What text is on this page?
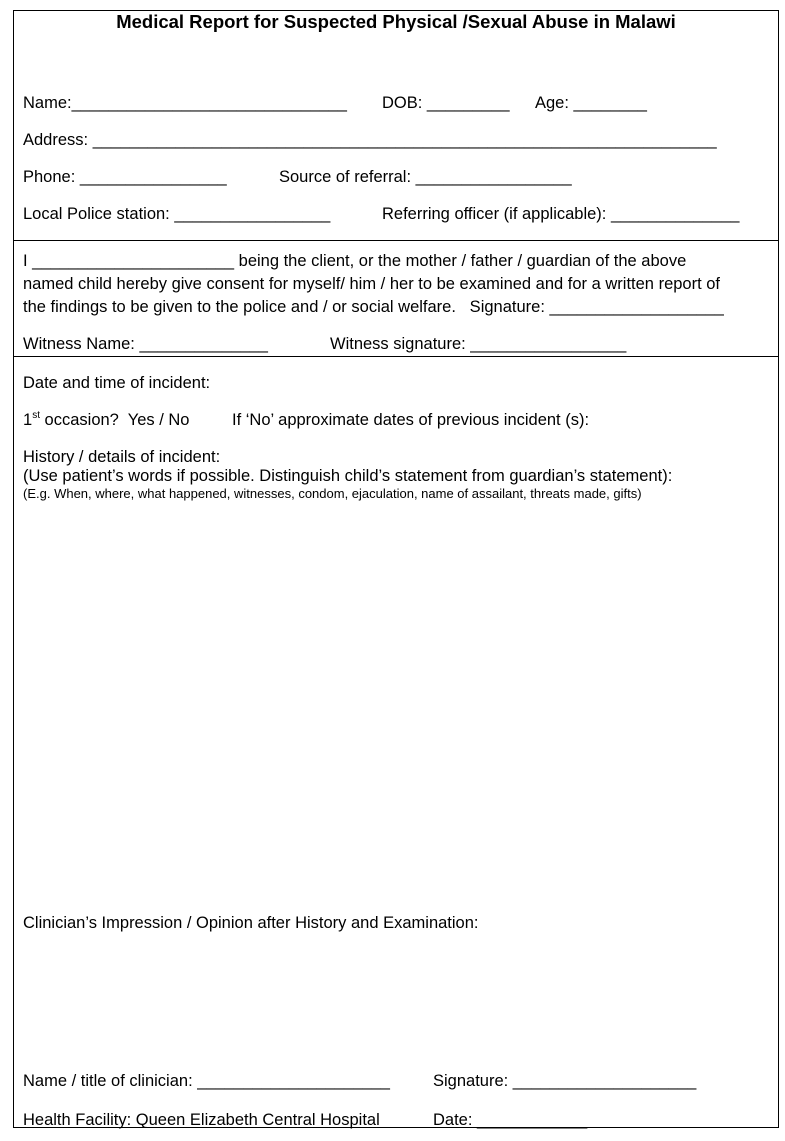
Medical Report for Suspected Physical /Sexual Abuse in Malawi
Name:______________________________ DOB: _________ Age: ________
Address: ____________________________________________________________________
Phone: ________________	Source of referral: _________________
Local Police station: _________________	Referring officer (if applicable): ______________
I ______________________ being the client, or the mother / father / guardian of the above
named child hereby give consent for myself/ him / her to be examined and for a written report of
the findings to be given to the police and / or social welfare.   Signature: ___________________
Witness Name: ______________	Witness signature: _________________
Date and time of incident:
1st occasion?  Yes / No	If ‘No’ approximate dates of previous incident (s):
History / details of incident:
(Use patient’s words if possible. Distinguish child’s statement from guardian’s statement):
(E.g. When, where, what happened, witnesses, condom, ejaculation, name of assailant, threats made, gifts)
Clinician’s Impression / Opinion after History and Examination:
Name / title of clinician: _____________________	Signature: ____________________
Health Facility: Queen Elizabeth Central Hospital	Date: ____________
